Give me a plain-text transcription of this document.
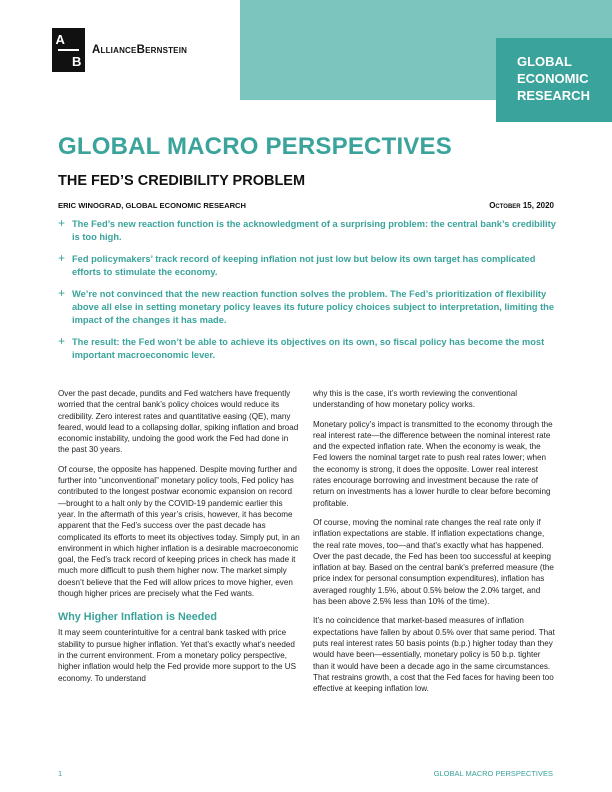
A
B
AllianceBernstein
GLOBAL
ECONOMIC
RESEARCH
GLOBAL MACRO PERSPECTIVES
THE FED’S CREDIBILITY PROBLEM
ERIC WINOGRAD, GLOBAL ECONOMIC RESEARCH	October 15, 2020
+ The Fed’s new reaction function is the acknowledgment of a surprising problem: the central bank’s credibility is too high.
+ Fed policymakers’ track record of keeping inflation not just low but below its own target has complicated efforts to stimulate the economy.
+ We’re not convinced that the new reaction function solves the problem. The Fed’s prioritization of flexibility above all else in setting monetary policy leaves its future policy choices subject to interpretation, limiting the impact of the changes it has made.
+ The result: the Fed won’t be able to achieve its objectives on its own, so fiscal policy has become the most important macroeconomic lever.

Over the past decade, pundits and Fed watchers have frequently worried that the central bank’s policy choices would reduce its credibility. Zero interest rates and quantitative easing (QE), many feared, would lead to a collapsing dollar, spiking inflation and broad economic instability, undoing the good work the Fed had done in the past 30 years.

Of course, the opposite has happened. Despite moving further and further into “unconventional” monetary policy tools, Fed policy has contributed to the longest postwar economic expansion on record—brought to a halt only by the COVID-19 pandemic earlier this year. In the aftermath of this year’s crisis, however, it has become apparent that the Fed’s success over the past decade has complicated its efforts to meet its objectives today. Simply put, in an environment in which higher inflation is a desirable macroeconomic goal, the Fed’s track record of keeping prices in check has made it much more difficult to push them higher now. The market simply doesn’t believe that the Fed will allow prices to move higher, even though higher prices are precisely what the Fed wants.

Why Higher Inflation is Needed

It may seem counterintuitive for a central bank tasked with price stability to pursue higher inflation. Yet that’s exactly what’s needed in the current environment. From a monetary policy perspective, higher inflation would help the Fed provide more support to the US economy. To understand

why this is the case, it’s worth reviewing the conventional understanding of how monetary policy works.

Monetary policy’s impact is transmitted to the economy through the real interest rate—the difference between the nominal interest rate and the expected inflation rate. When the economy is weak, the Fed lowers the nominal target rate to push real rates lower; when the economy is strong, it does the opposite. Lower real interest rates encourage borrowing and investment because the rate of return on investments has a lower hurdle to clear before becoming profitable.

Of course, moving the nominal rate changes the real rate only if inflation expectations are stable. If inflation expectations change, the real rate moves, too—and that’s exactly what has happened. Over the past decade, the Fed has been too successful at keeping inflation at bay. Based on the central bank’s preferred measure (the price index for personal consumption expenditures), inflation has averaged roughly 1.5%, about 0.5% below the 2.0% target, and has been above 2.5% less than 10% of the time).

It’s no coincidence that market-based measures of inflation expectations have fallen by about 0.5% over that same period. That puts real interest rates 50 basis points (b.p.) higher today than they would have been—essentially, monetary policy is 50 b.p. tighter than it would have been a decade ago in the same circumstances. That restrains growth, a cost that the Fed faces for having been too effective at keeping inflation low.

1	GLOBAL MACRO PERSPECTIVES
